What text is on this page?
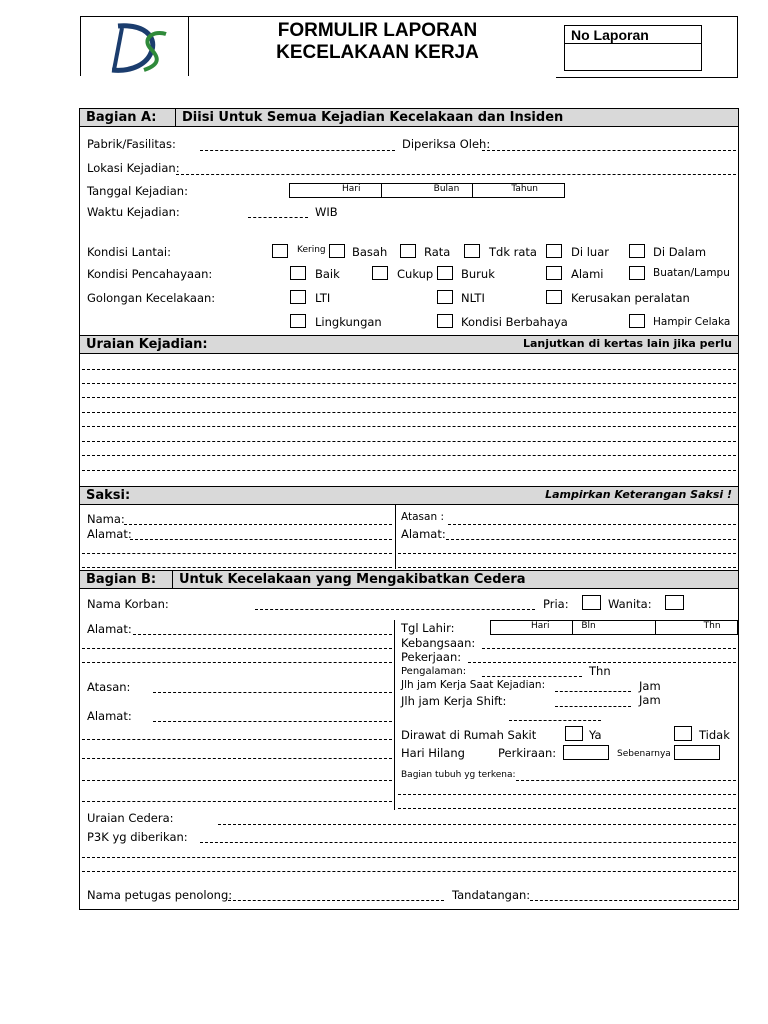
DS	FORMULIR LAPORAN
KECELAKAAN KERJA
No Laporan
Bagian A: Diisi Untuk Semua Kejadian Kecelakaan dan Insiden
Pabrik/Fasilitas:	Diperiksa Oleh:
Lokasi Kejadian:
Tanggal Kejadian:	Hari	Bulan	Tahun
Waktu Kejadian:	WIB
Kondisi Lantai:	Kering Basah	Rata	Tdk rata	Di luar	Di Dalam
Kondisi Pencahayaan:	Baik	Cukup Buruk	Alami	Buatan/Lampu
Golongan Kecelakaan:	LTI	NLTI	Kerusakan peralatan
Lingkungan	Kondisi Berbahaya	Hampir Celaka
Uraian Kejadian:	Lanjutkan di kertas lain jika perlu
Saksi:	Lampirkan Keterangan Saksi !
Nama:
Alamat:
Atasan :
Alamat:
Bagian B: Untuk Kecelakaan yang Mengakibatkan Cedera
Nama Korban:	Pria:	Wanita:
Alamat:
Atasan:
Alamat:
Tgl Lahir:	Hari	Bln	Thn
Kebangsaan:
Pekerjaan:
Pengalaman:	Thn
Jlh jam Kerja Saat Kejadian:	Jam
Jlh jam Kerja Shift:	Jam
Dirawat di Rumah Sakit	Ya	Tidak
Hari Hilang	Perkiraan:	Sebenarnya
Bagian tubuh yg terkena:
Uraian Cedera:
P3K yg diberikan:
Nama petugas penolong:	Tandatangan:
